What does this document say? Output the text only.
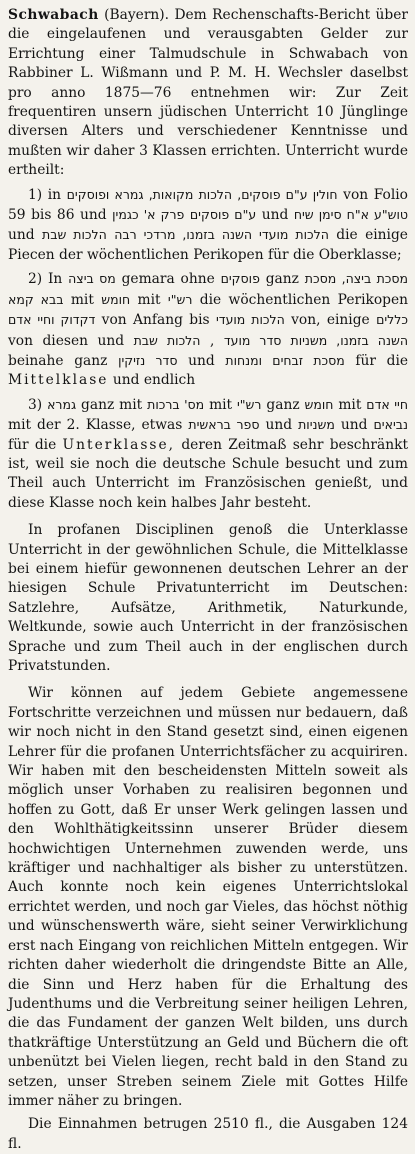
Schwabach (Bayern). Dem Rechenschafts-Bericht über die eingelaufenen und verausgabten Gelder zur Errichtung einer Talmudschule in Schwabach von Rabbiner L. Wißmann und P. M. H. Wechsler daselbst pro anno 1875—76 entnehmen wir: Zur Zeit frequentiren unsern jüdischen Unterricht 10 Jünglinge diversen Alters und verschiedener Kenntnisse und mußten wir daher 3 Klassen errichten. Unterricht wurde ertheilt:

1) in חולין ע"ם פוסקים, הלכות מקואות, גמרא ופוסקים von Folio 59 bis 86 und פרק א' כגמין ע"ם פוסקים und טוש"ע א"ח סימן שיח und הלכות שבת הלכות מועדי השנה בזמנו, מרדכי רבה die einige Piecen der wöchentlichen Perikopen für die Oberklasse;

2) In מס ביצה gemara ohne פוסקים ganz מסכת ביצה, מסכת בבא קמא mit חומש mit רש"י die wöchentlichen Perikopen דקדוק וחיי אדם von Anfang bis הלכות מועדי von, einige כללים von diesen und הלכות שבת , השנה בזמנו, משניות סדר מועד beinahe ganz סדר נזיקין und מסכת זבחים ומנחות für die Mittelklase und endlich

3) גמרא ganz mit מס' ברכות mit רש"י ganz חומש mit חיי אדם mit der 2. Klasse, etwas ספר בראשית und משניות und נביאים für die Unterklasse, deren Zeitmaß sehr beschränkt ist, weil sie noch die deutsche Schule besucht und zum Theil auch Unterricht im Französischen genießt, und diese Klasse noch kein halbes Jahr besteht.

In profanen Disciplinen genoß die Unterklasse Unterricht in der gewöhnlichen Schule, die Mittelklasse bei einem hiefür gewonnenen deutschen Lehrer an der hiesigen Schule Privatunterricht im Deutschen: Satzlehre, Aufsätze, Arithmetik, Naturkunde, Weltkunde, sowie auch Unterricht in der französischen Sprache und zum Theil auch in der englischen durch Privatstunden.

Wir können auf jedem Gebiete angemessene Fortschritte verzeichnen und müssen nur bedauern, daß wir noch nicht in den Stand gesetzt sind, einen eigenen Lehrer für die profanen Unterrichtsfächer zu acquiriren. Wir haben mit den bescheidensten Mitteln soweit als möglich unser Vorhaben zu realisiren begonnen und hoffen zu Gott, daß Er unser Werk gelingen lassen und den Wohlthätigkeitssinn unserer Brüder diesem hochwichtigen Unternehmen zuwenden werde, uns kräftiger und nachhaltiger als bisher zu unterstützen. Auch konnte noch kein eigenes Unterrichtslokal errichtet werden, und noch gar Vieles, das höchst nöthig und wünschenswerth wäre, sieht seiner Verwirklichung erst nach Eingang von reichlichen Mitteln entgegen. Wir richten daher wiederholt die dringendste Bitte an Alle, die Sinn und Herz haben für die Erhaltung des Judenthums und die Verbreitung seiner heiligen Lehren, die das Fundament der ganzen Welt bilden, uns durch thatkräftige Unterstützung an Geld und Büchern die oft unbenützt bei Vielen liegen, recht bald in den Stand zu setzen, unser Streben seinem Ziele mit Gottes Hilfe immer näher zu bringen.

Die Einnahmen betrugen 2510 fl., die Ausgaben 124 fl.
